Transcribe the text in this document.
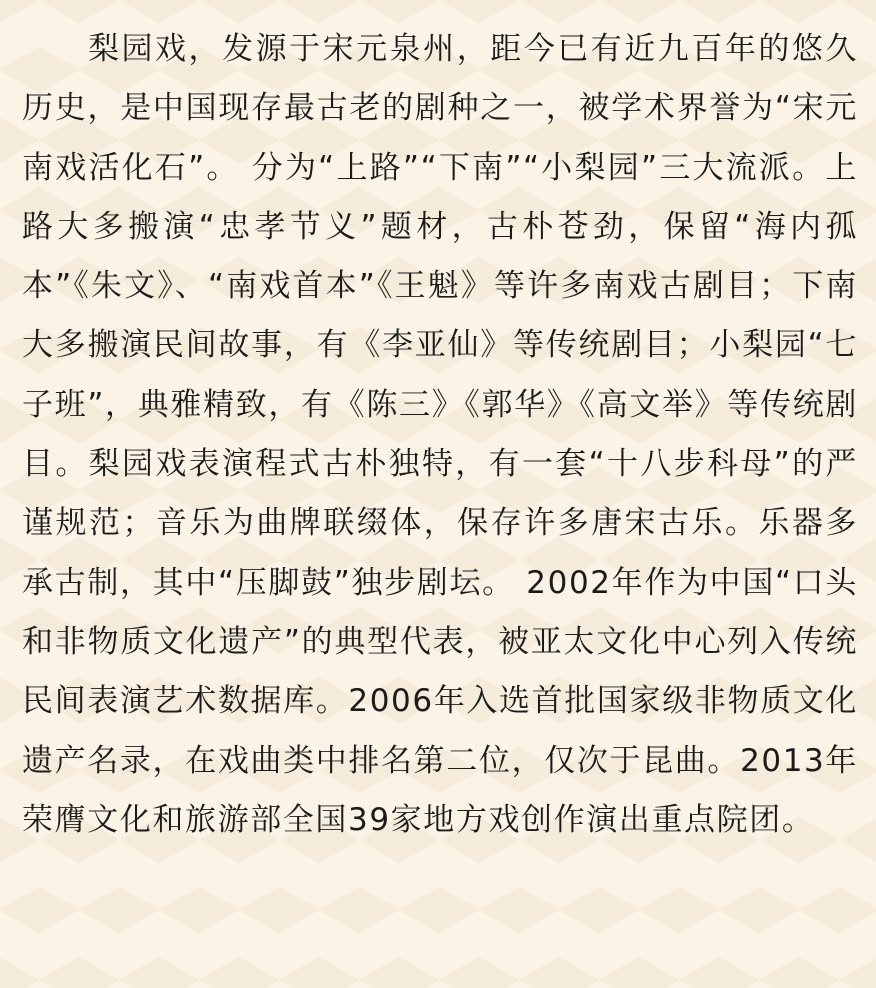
梨园戏，发源于宋元泉州，距今已有近九百年的悠久历史，是中国现存最古老的剧种之一，被学术界誉为“宋元南戏活化石”。 分为“上路”“下南”“小梨园”三大流派。上路大多搬演“忠孝节义”题材，古朴苍劲，保留“海内孤本”《朱文》、“南戏首本”《王魁》等许多南戏古剧目；下南大多搬演民间故事，有《李亚仙》等传统剧目；小梨园“七子班”，典雅精致，有《陈三》《郭华》《高文举》等传统剧目。梨园戏表演程式古朴独特，有一套“十八步科母”的严谨规范；音乐为曲牌联缀体，保存许多唐宋古乐。乐器多承古制，其中“压脚鼓”独步剧坛。 2002年作为中国“口头和非物质文化遗产”的典型代表，被亚太文化中心列入传统民间表演艺术数据库。2006年入选首批国家级非物质文化遗产名录，在戏曲类中排名第二位，仅次于昆曲。2013年荣膺文化和旅游部全国39家地方戏创作演出重点院团。
